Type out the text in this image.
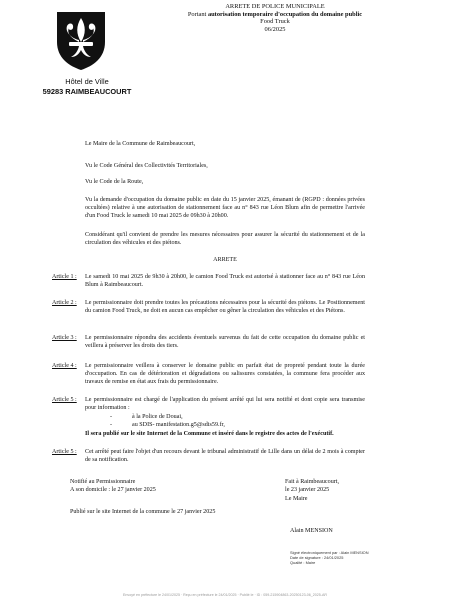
Hôtel de Ville
59283 RAIMBEAUCOURT
ARRETE DE POLICE MUNICIPALE
Portant autorisation temporaire d'occupation du domaine public
Food Truck
06/2025
Le Maire de la Commune de Raimbeaucourt,
Vu le Code Général des Collectivités Territoriales,
Vu le Code de la Route,
Vu la demande d'occupation du domaine public en date du 15 janvier 2025, émanant de (RGPD : données privées occultées) relative à une autorisation de stationnement face au n° 843 rue Léon Blum afin de permettre l'arrivée d'un Food Truck le samedi 10 mai 2025 de 09h30 à 20h00.
Considérant qu'il convient de prendre les mesures nécessaires pour assurer la sécurité du stationnement et de la circulation des véhicules et des piétons.
ARRETE
Article 1 :	Le samedi 10 mai 2025 de 9h30 à 20h00, le camion Food Truck est autorisé à stationner face au n° 843 rue Léon Blum à Raimbeaucourt.
Article 2 :	Le permissionnaire doit prendre toutes les précautions nécessaires pour la sécurité des piétons. Le Positionnement du camion Food Truck, ne doit en aucun cas empêcher ou gêner la circulation des véhicules et des Piétons.
Article 3 :	Le permissionnaire répondra des accidents éventuels survenus du fait de cette occupation du domaine public et veillera à préserver les droits des tiers.
Article 4 :	Le permissionnaire veillera à conserver le domaine public en parfait état de propreté pendant toute la durée d'occupation. En cas de détérioration et dégradations ou salissures constatées, la commune fera procéder aux travaux de remise en état aux frais du permissionnaire.
Article 5 :	Le permissionnaire est chargé de l'application du présent arrêté qui lui sera notifié et dont copie sera transmise pour information :
-	à la Police de Douai,
-	au SDIS- manifestation.g5@sdis59.fr,
Il sera publié sur le site Internet de la Commune et inséré dans le registre des actes de l'exécutif.
Article 5 :	Cet arrêté peut faire l'objet d'un recours devant le tribunal administratif de Lille dans un délai de 2 mois à compter de sa notification.
Notifié au Permissionnaire
A son domicile : le 27 janvier 2025
Publié sur le site Internet de la commune le 27 janvier 2025
Fait à Raimbeaucourt,
le 23 janvier 2025
Le Maire
Alain MENSION
Signé électroniquement par : Alain MENSION
Date de signature : 24/01/2025
Qualité : Maire
Envoyé en préfecture le 24/01/2025 · Reçu en préfecture le 24/01/2025 · Publié le · ID : 059-215904863-20250123-06_2025-AR
